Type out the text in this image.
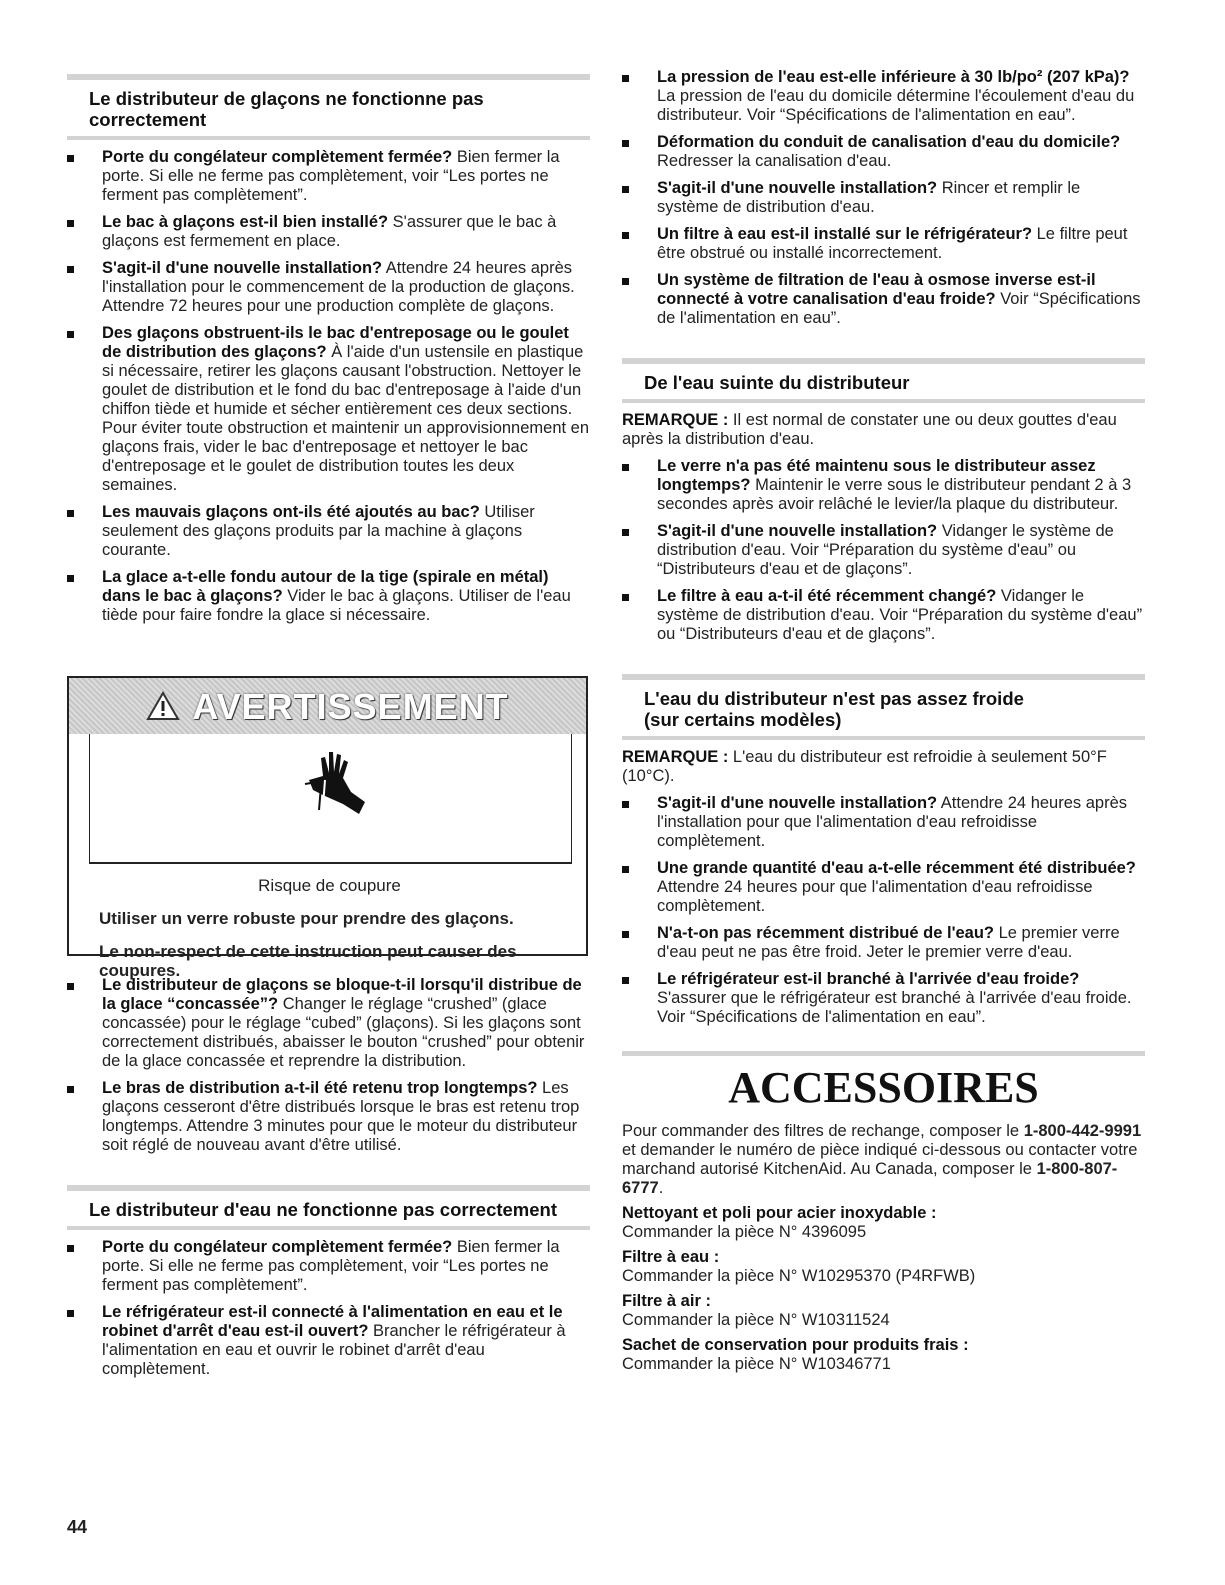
Le distributeur de glaçons ne fonctionne pas
correctement
Porte du congélateur complètement fermée? Bien fermer la porte. Si elle ne ferme pas complètement, voir “Les portes ne ferment pas complètement”.
Le bac à glaçons est-il bien installé? S'assurer que le bac à glaçons est fermement en place.
S'agit-il d'une nouvelle installation? Attendre 24 heures après l'installation pour le commencement de la production de glaçons. Attendre 72 heures pour une production complète de glaçons.
Des glaçons obstruent-ils le bac d'entreposage ou le goulet de distribution des glaçons? À l'aide d'un ustensile en plastique si nécessaire, retirer les glaçons causant l'obstruction. Nettoyer le goulet de distribution et le fond du bac d'entreposage à l'aide d'un chiffon tiède et humide et sécher entièrement ces deux sections. Pour éviter toute obstruction et maintenir un approvisionnement en glaçons frais, vider le bac d'entreposage et nettoyer le bac d'entreposage et le goulet de distribution toutes les deux semaines.
Les mauvais glaçons ont-ils été ajoutés au bac? Utiliser seulement des glaçons produits par la machine à glaçons courante.
La glace a-t-elle fondu autour de la tige (spirale en métal) dans le bac à glaçons? Vider le bac à glaçons. Utiliser de l'eau tiède pour faire fondre la glace si nécessaire.
AVERTISSEMENT
Risque de coupure

Utiliser un verre robuste pour prendre des glaçons.

Le non-respect de cette instruction peut causer des coupures.

Le distributeur de glaçons se bloque-t-il lorsqu'il distribue de la glace “concassée”? Changer le réglage “crushed” (glace concassée) pour le réglage “cubed” (glaçons). Si les glaçons sont correctement distribués, abaisser le bouton “crushed” pour obtenir de la glace concassée et reprendre la distribution.
Le bras de distribution a-t-il été retenu trop longtemps? Les glaçons cesseront d'être distribués lorsque le bras est retenu trop longtemps. Attendre 3 minutes pour que le moteur du distributeur soit réglé de nouveau avant d'être utilisé.
Le distributeur d'eau ne fonctionne pas correctement
Porte du congélateur complètement fermée? Bien fermer la porte. Si elle ne ferme pas complètement, voir “Les portes ne ferment pas complètement”.
Le réfrigérateur est-il connecté à l'alimentation en eau et le robinet d'arrêt d'eau est-il ouvert? Brancher le réfrigérateur à l'alimentation en eau et ouvrir le robinet d'arrêt d'eau complètement.
La pression de l'eau est-elle inférieure à 30 lb/po² (207 kPa)? La pression de l'eau du domicile détermine l'écoulement d'eau du distributeur. Voir “Spécifications de l'alimentation en eau”.
Déformation du conduit de canalisation d'eau du domicile? Redresser la canalisation d'eau.
S'agit-il d'une nouvelle installation? Rincer et remplir le système de distribution d'eau.
Un filtre à eau est-il installé sur le réfrigérateur? Le filtre peut être obstrué ou installé incorrectement.
Un système de filtration de l'eau à osmose inverse est-il connecté à votre canalisation d'eau froide? Voir “Spécifications de l'alimentation en eau”.
De l'eau suinte du distributeur
REMARQUE : Il est normal de constater une ou deux gouttes d'eau après la distribution d'eau.
Le verre n'a pas été maintenu sous le distributeur assez longtemps? Maintenir le verre sous le distributeur pendant 2 à 3 secondes après avoir relâché le levier/la plaque du distributeur.
S'agit-il d'une nouvelle installation? Vidanger le système de distribution d'eau. Voir “Préparation du système d'eau” ou “Distributeurs d'eau et de glaçons”.
Le filtre à eau a-t-il été récemment changé? Vidanger le système de distribution d'eau. Voir “Préparation du système d'eau” ou “Distributeurs d'eau et de glaçons”.
L'eau du distributeur n'est pas assez froide
(sur certains modèles)
REMARQUE : L'eau du distributeur est refroidie à seulement 50°F (10°C).
S'agit-il d'une nouvelle installation? Attendre 24 heures après l'installation pour que l'alimentation d'eau refroidisse complètement.
Une grande quantité d'eau a-t-elle récemment été distribuée? Attendre 24 heures pour que l'alimentation d'eau refroidisse complètement.
N'a-t-on pas récemment distribué de l'eau? Le premier verre d'eau peut ne pas être froid. Jeter le premier verre d'eau.
Le réfrigérateur est-il branché à l'arrivée d'eau froide? S'assurer que le réfrigérateur est branché à l'arrivée d'eau froide. Voir “Spécifications de l'alimentation en eau”.
ACCESSOIRES

Pour commander des filtres de rechange, composer le 1-800-442-9991 et demander le numéro de pièce indiqué ci-dessous ou contacter votre marchand autorisé KitchenAid. Au Canada, composer le 1-800-807-6777.

Nettoyant et poli pour acier inoxydable :

Commander la pièce N° 4396095

Filtre à eau :

Commander la pièce N° W10295370 (P4RFWB)

Filtre à air :

Commander la pièce N° W10311524

Sachet de conservation pour produits frais :

Commander la pièce N° W10346771

44
